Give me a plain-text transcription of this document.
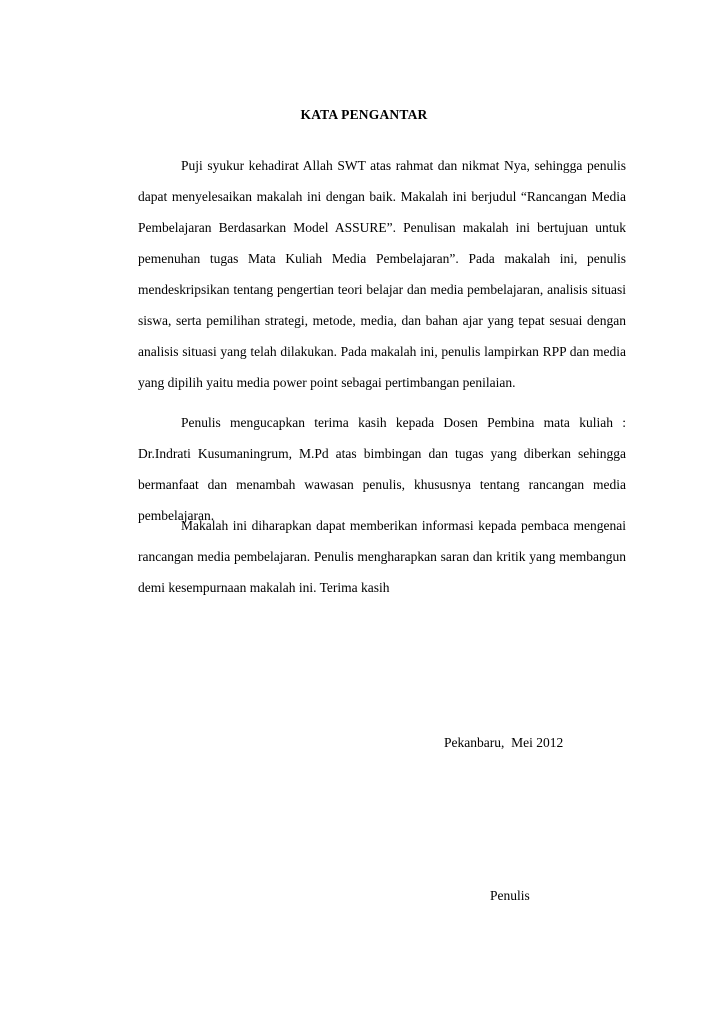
KATA PENGANTAR

Puji syukur kehadirat Allah SWT atas rahmat dan nikmat Nya, sehingga penulis dapat menyelesaikan makalah ini dengan baik. Makalah ini berjudul “Rancangan Media Pembelajaran Berdasarkan Model ASSURE”. Penulisan makalah ini bertujuan untuk pemenuhan tugas Mata Kuliah Media Pembelajaran”. Pada makalah ini, penulis mendeskripsikan tentang pengertian teori belajar dan media pembelajaran, analisis situasi siswa, serta pemilihan strategi, metode, media, dan bahan ajar yang tepat sesuai dengan analisis situasi yang telah dilakukan. Pada makalah ini, penulis lampirkan RPP dan media yang dipilih yaitu media power point sebagai pertimbangan penilaian.

Penulis mengucapkan terima kasih kepada Dosen Pembina mata kuliah : Dr.Indrati Kusumaningrum, M.Pd atas bimbingan dan tugas yang diberkan sehingga bermanfaat dan menambah wawasan penulis, khususnya tentang rancangan media pembelajaran.

Makalah ini diharapkan dapat memberikan informasi kepada pembaca mengenai rancangan media pembelajaran. Penulis mengharapkan saran dan kritik yang membangun demi kesempurnaan makalah ini. Terima kasih

Pekanbaru,  Mei 2012
Penulis
